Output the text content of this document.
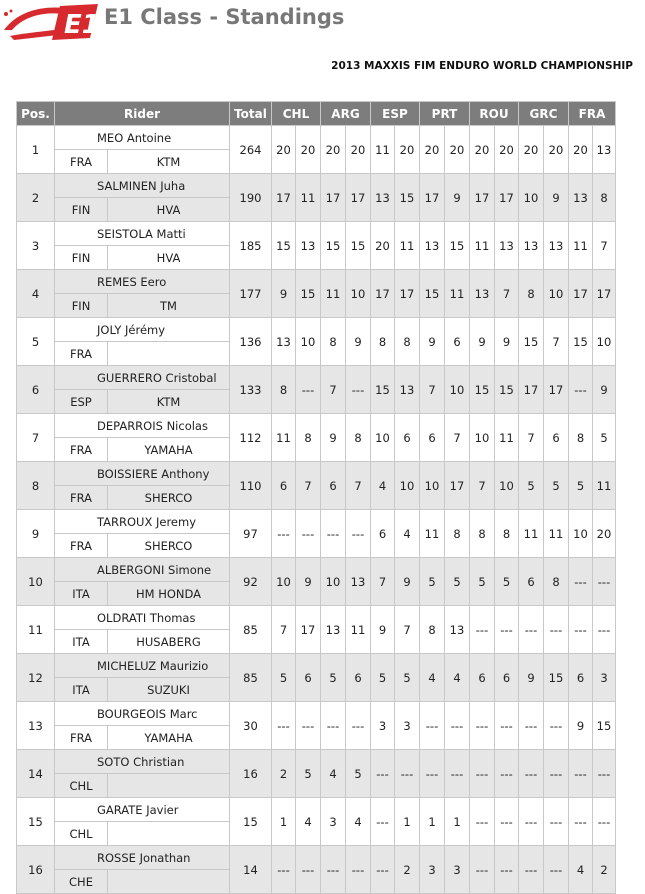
E1 E1 Class - Standings
2013 MAXXIS FIM ENDURO WORLD CHAMPIONSHIP
Pos.	Rider		Total	CHL		ARG		ESP		PRT		ROU		GRC		FRA	
1	MEO Antoine		264	20	20	20	20	11	20	20	20	20	20	20	20	20	13
	FRA	KTM															
2	SALMINEN Juha		190	17	11	17	17	13	15	17	9	17	17	10	9	13	8
	FIN	HVA															
3	SEISTOLA Matti		185	15	13	15	15	20	11	13	15	11	13	13	13	11	7
	FIN	HVA															
4	REMES Eero		177	9	15	11	10	17	17	15	11	13	7	8	10	17	17
	FIN	TM															
5	JOLY Jérémy		136	13	10	8	9	8	8	9	6	9	9	15	7	15	10
	FRA																
6	GUERRERO Cristobal		133	8	---	7	---	15	13	7	10	15	15	17	17	---	9
	ESP	KTM															
7	DEPARROIS Nicolas		112	11	8	9	8	10	6	6	7	10	11	7	6	8	5
	FRA	YAMAHA															
8	BOISSIERE Anthony		110	6	7	6	7	4	10	10	17	7	10	5	5	5	11
	FRA	SHERCO															
9	TARROUX Jeremy		97	---	---	---	---	6	4	11	8	8	8	11	11	10	20
	FRA	SHERCO															
10	ALBERGONI Simone		92	10	9	10	13	7	9	5	5	5	5	6	8	---	---
	ITA	HM HONDA															
11	OLDRATI Thomas		85	7	17	13	11	9	7	8	13	---	---	---	---	---	---
	ITA	HUSABERG															
12	MICHELUZ Maurizio		85	5	6	5	6	5	5	4	4	6	6	9	15	6	3
	ITA	SUZUKI															
13	BOURGEOIS Marc		30	---	---	---	---	3	3	---	---	---	---	---	---	9	15
	FRA	YAMAHA															
14	SOTO Christian		16	2	5	4	5	---	---	---	---	---	---	---	---	---	---
	CHL																
15	GARATE Javier		15	1	4	3	4	---	1	1	1	---	---	---	---	---	---
	CHL																
16	ROSSE Jonathan		14	---	---	---	---	---	2	3	3	---	---	---	---	4	2
	CHE																
